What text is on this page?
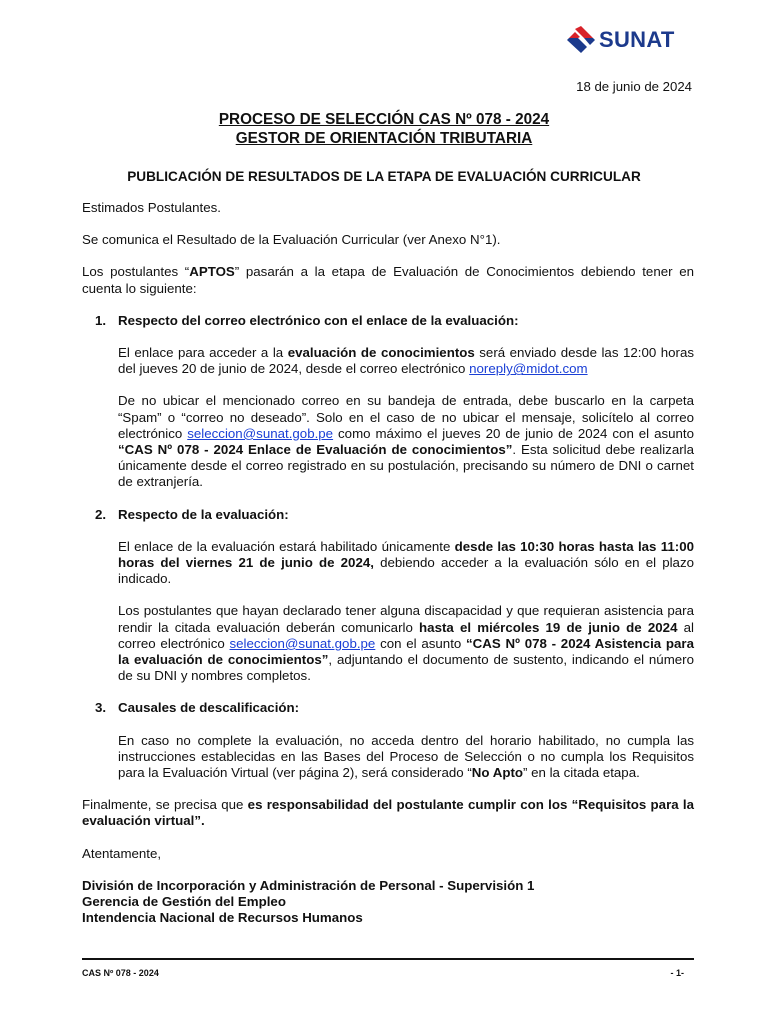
SUNAT
18 de junio de 2024
PROCESO DE SELECCIÓN CAS Nº 078 - 2024
GESTOR DE ORIENTACIÓN TRIBUTARIA
PUBLICACIÓN DE RESULTADOS DE LA ETAPA DE EVALUACIÓN CURRICULAR

Estimados Postulantes.

Se comunica el Resultado de la Evaluación Curricular (ver Anexo N°1).

Los postulantes “APTOS” pasarán a la etapa de Evaluación de Conocimientos debiendo tener en cuenta lo siguiente:

1. Respecto del correo electrónico con el enlace de la evaluación:

El enlace para acceder a la evaluación de conocimientos será enviado desde las 12:00 horas del jueves 20 de junio de 2024, desde el correo electrónico noreply@midot.com

De no ubicar el mencionado correo en su bandeja de entrada, debe buscarlo en la carpeta “Spam” o “correo no deseado”. Solo en el caso de no ubicar el mensaje, solicítelo al correo electrónico seleccion@sunat.gob.pe como máximo el jueves 20 de junio de 2024 con el asunto “CAS Nº 078 - 2024 Enlace de Evaluación de conocimientos”. Esta solicitud debe realizarla únicamente desde el correo registrado en su postulación, precisando su número de DNI o carnet de extranjería.

2. Respecto de la evaluación:

El enlace de la evaluación estará habilitado únicamente desde las 10:30 horas hasta las 11:00 horas del viernes 21 de junio de 2024, debiendo acceder a la evaluación sólo en el plazo indicado.

Los postulantes que hayan declarado tener alguna discapacidad y que requieran asistencia para rendir la citada evaluación deberán comunicarlo hasta el miércoles 19 de junio de 2024 al correo electrónico seleccion@sunat.gob.pe con el asunto “CAS Nº 078 - 2024 Asistencia para la evaluación de conocimientos”, adjuntando el documento de sustento, indicando el número de su DNI y nombres completos.

3. Causales de descalificación:

En caso no complete la evaluación, no acceda dentro del horario habilitado, no cumpla las instrucciones establecidas en las Bases del Proceso de Selección o no cumpla los Requisitos para la Evaluación Virtual (ver página 2), será considerado “No Apto” en la citada etapa.

Finalmente, se precisa que es responsabilidad del postulante cumplir con los “Requisitos para la evaluación virtual”.

Atentamente,

División de Incorporación y Administración de Personal - Supervisión 1
Gerencia de Gestión del Empleo
Intendencia Nacional de Recursos Humanos
CAS Nº 078 - 2024	- 1-
